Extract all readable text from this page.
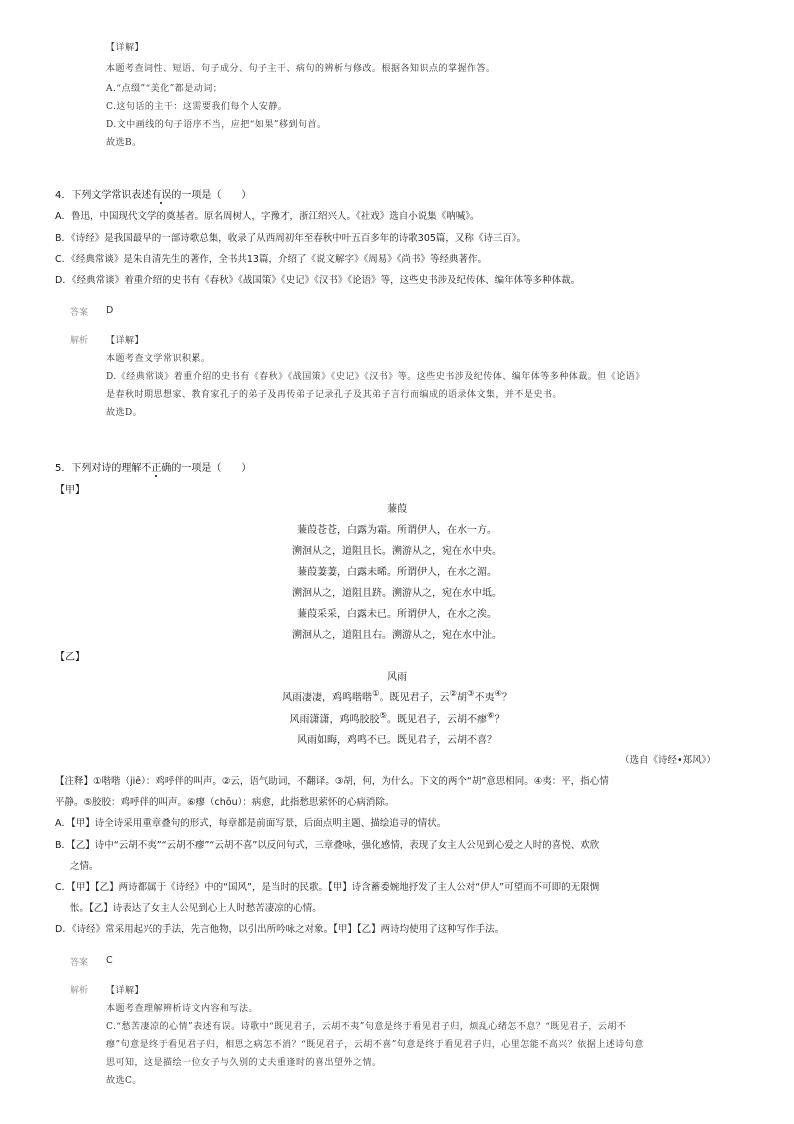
【详解】
本题考查词性、短语、句子成分、句子主干、病句的辨析与修改。根据各知识点的掌握作答。
A.“点缀”“美化”都是动词；
C.这句话的主干：这需要我们每个人安静。
D.文中画线的句子语序不当，应把“如果”移到句首。
故选B。
4．下列文学常识表述有误的一项是（　　）
A．鲁迅，中国现代文学的奠基者。原名周树人，字豫才，浙江绍兴人。《社戏》选自小说集《呐喊》。
B．《诗经》是我国最早的一部诗歌总集，收录了从西周初年至春秋中叶五百多年的诗歌305篇，又称《诗三百》。
C．《经典常谈》是朱自清先生的著作，全书共13篇，介绍了《说文解字》《周易》《尚书》等经典著作。
D．《经典常谈》着重介绍的史书有《春秋》《战国策》《史记》《汉书》《论语》等，这些史书涉及纪传体、编年体等多种体裁。
答案 D
解析 【详解】
本题考查文学常识积累。
D.《经典常谈》着重介绍的史书有《春秋》《战国策》《史记》《汉书》等。这些史书涉及纪传体、编年体等多种体裁。但《论语》
是春秋时期思想家、教育家孔子的弟子及再传弟子记录孔子及其弟子言行而编成的语录体文集，并不是史书。
故选D。
5．下列对诗的理解不正确的一项是（　　）
【甲】
蒹葭
蒹葭苍苍，白露为霜。所谓伊人，在水一方。
溯洄从之，道阻且长。溯游从之，宛在水中央。
蒹葭萋萋，白露未晞。所谓伊人，在水之湄。
溯洄从之，道阻且跻。溯游从之，宛在水中坻。
蒹葭采采，白露未已。所谓伊人，在水之涘。
溯洄从之，道阻且右。溯游从之，宛在水中沚。
【乙】
风雨
风雨凄凄，鸡鸣喈喈①。既见君子，云②胡③不夷④？
风雨潇潇，鸡鸣胶胶⑤。既见君子，云胡不瘳⑥？
风雨如晦，鸡鸣不已。既见君子，云胡不喜？
（选自《诗经•郑风》）
【注释】①喈喈（jiē）：鸡呼伴的叫声。②云，语气助词，不翻译。③胡，何，为什么。下文的两个“胡”意思相同。④夷：平，指心情
平静。⑤胶胶：鸡呼伴的叫声。⑥瘳（chōu）：病愈，此指愁思萦怀的心病消除。
A．【甲】诗全诗采用重章叠句的形式，每章都是前面写景，后面点明主题、描绘追寻的情状。
B．【乙】诗中“云胡不夷”“云胡不瘳”“云胡不喜”以反问句式，三章叠咏，强化感情，表现了女主人公见到心爱之人时的喜悦、欢欣
之情。
C．【甲】【乙】两诗都属于《诗经》中的“国风”，是当时的民歌。【甲】诗含蓄委婉地抒发了主人公对“伊人”可望而不可即的无限惆
怅。【乙】诗表达了女主人公见到心上人时愁苦凄凉的心情。
D．《诗经》常采用起兴的手法，先言他物，以引出所吟咏之对象。【甲】【乙】两诗均使用了这种写作手法。
答案 C
解析 【详解】
本题考查理解辨析诗文内容和写法。
C.“愁苦凄凉的心情”表述有误。诗歌中“既见君子，云胡不夷”句意是终于看见君子归，烦乱心绪怎不息？“既见君子，云胡不
瘳”句意是终于看见君子归，相思之病怎不消？“既见君子，云胡不喜”句意是终于看见君子归，心里怎能不高兴？依据上述诗句意
思可知，这是描绘一位女子与久别的丈夫重逢时的喜出望外之情。
故选C。
